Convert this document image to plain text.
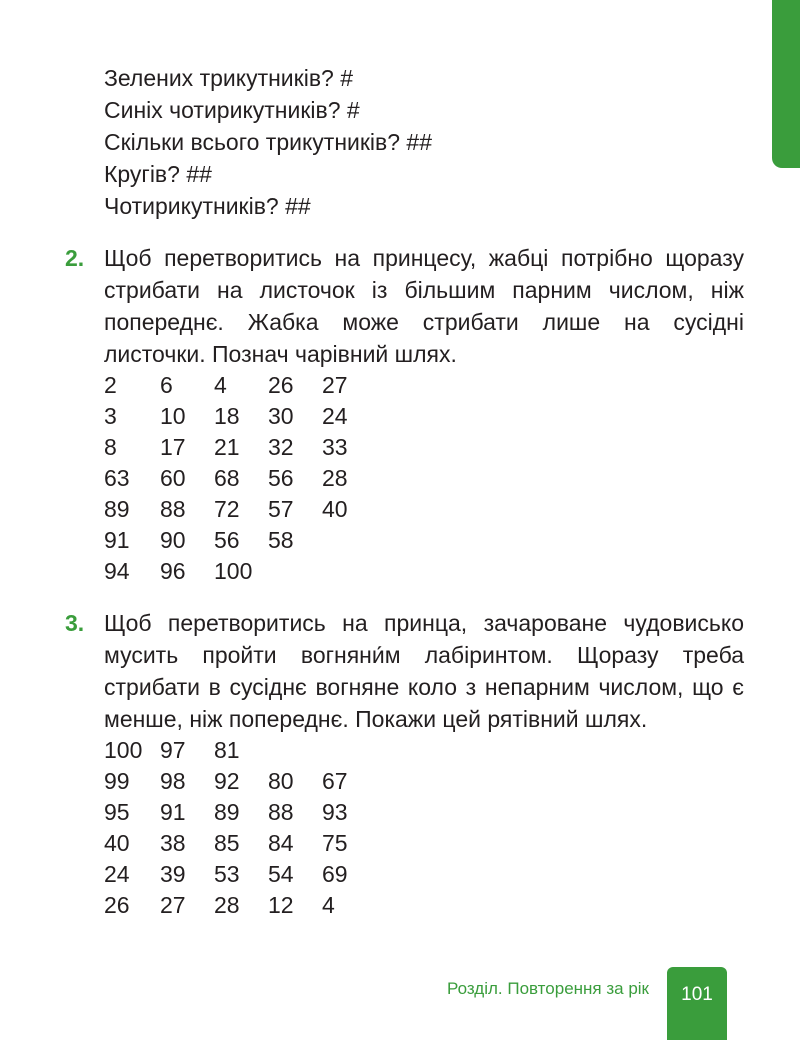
Зелених трикутників? #
Синіх чотирикутників? #
Скільки всього трикутників? ##
Кругів? ##
Чотирикутників? ##
2. Щоб перетворитись на принцесу, жабці потрібно щоразу стрибати на листочок із більшим парним числом, ніж попереднє. Жабка може стрибати лише на сусідні листочки. Познач чарівний шлях.
2	6	4	26	27
3	10	18	30	24
8	17	21	32	33
63	60	68	56	28
89	88	72	57	40
91	90	56	58
94	96	100
3. Щоб перетворитись на принца, зачароване чудовисько мусить пройти вогняни́м лабіринтом. Щоразу треба стрибати в сусіднє вогняне коло з непарним числом, що є менше, ніж попереднє. Покажи цей рятівний шлях.
100 97	81
99	98	92	80	67
95	91	89	88	93
40	38	85	84	75
24	39	53	54	69
26	27	28	12	4
Розділ. Повторення за рік	101
